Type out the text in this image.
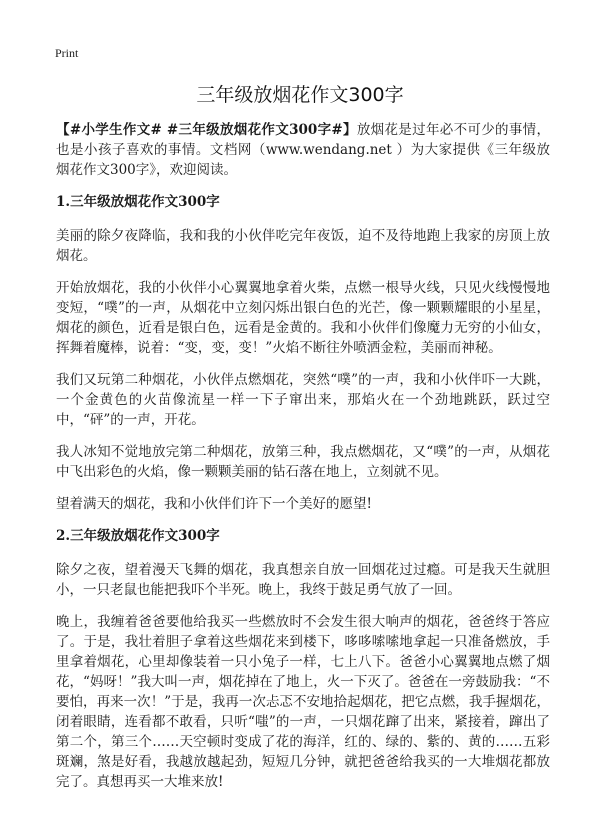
Print
三年级放烟花作文300字

【#小学生作文# #三年级放烟花作文300字#】放烟花是过年必不可少的事情，也是小孩子喜欢的事情。文档网（www.wendang.net ）为大家提供《三年级放烟花作文300字》，欢迎阅读。

1.三年级放烟花作文300字

美丽的除夕夜降临，我和我的小伙伴吃完年夜饭，迫不及待地跑上我家的房顶上放烟花。

开始放烟花，我的小伙伴小心翼翼地拿着火柴，点燃一根导火线，只见火线慢慢地变短，“噗”的一声，从烟花中立刻闪烁出银白色的光芒，像一颗颗耀眼的小星星，烟花的颜色，近看是银白色，远看是金黄的。我和小伙伴们像魔力无穷的小仙女，挥舞着魔棒，说着：“变，变，变！”火焰不断往外喷洒金粒，美丽而神秘。

我们又玩第二种烟花，小伙伴点燃烟花，突然“噗”的一声，我和小伙伴吓一大跳，一个金黄色的火苗像流星一样一下子窜出来，那焰火在一个劲地跳跃，跃过空中，“砰”的一声，开花。

我人冰知不觉地放完第二种烟花，放第三种，我点燃烟花，又“噗”的一声，从烟花中飞出彩色的火焰，像一颗颗美丽的钻石落在地上，立刻就不见。

望着满天的烟花，我和小伙伴们许下一个美好的愿望!

2.三年级放烟花作文300字

除夕之夜，望着漫天飞舞的烟花，我真想亲自放一回烟花过过瘾。可是我天生就胆小，一只老鼠也能把我吓个半死。晚上，我终于鼓足勇气放了一回。

晚上，我缠着爸爸要他给我买一些燃放时不会发生很大响声的烟花，爸爸终于答应了。于是，我壮着胆子拿着这些烟花来到楼下，哆哆嗦嗦地拿起一只准备燃放，手里拿着烟花，心里却像装着一只小兔子一样，七上八下。爸爸小心翼翼地点燃了烟花，“妈呀！”我大叫一声，烟花掉在了地上，火一下灭了。爸爸在一旁鼓励我：“不要怕，再来一次！”于是，我再一次忐忑不安地拾起烟花，把它点燃，我手握烟花，闭着眼睛，连看都不敢看，只听“嗤”的一声，一只烟花蹿了出来，紧接着，蹿出了第二个，第三个……天空顿时变成了花的海洋，红的、绿的、紫的、黄的……五彩斑斓，煞是好看，我越放越起劲，短短几分钟，就把爸爸给我买的一大堆烟花都放完了。真想再买一大堆来放!
